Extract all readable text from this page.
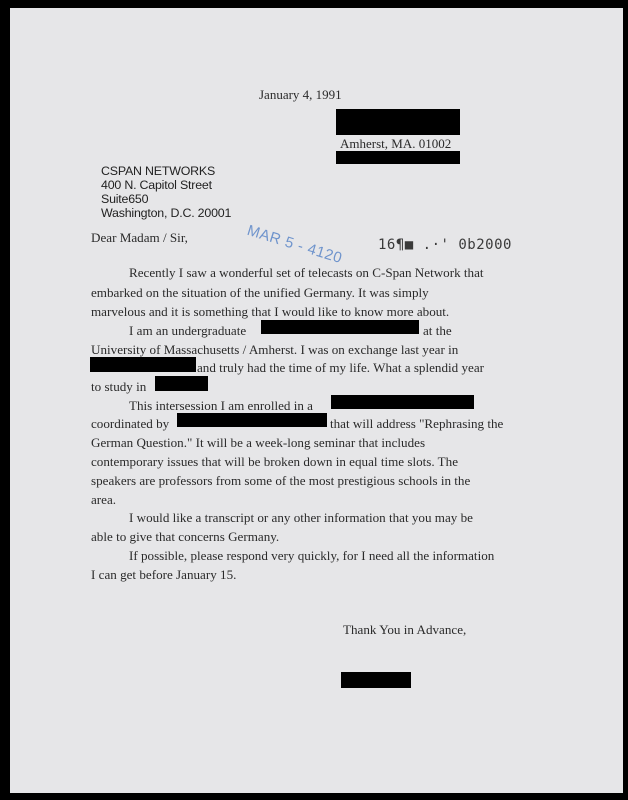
January 4, 1991
Amherst, MA. 01002
CSPAN NETWORKS
400 N. Capitol Street
Suite650
Washington, D.C. 20001
MAR 5 - 4120 16¶■ .·' 0b2000
Dear Madam / Sir,
Recently I saw a wonderful set of telecasts on C-Span Network that
embarked on the situation of the unified Germany. It was simply
marvelous and it is something that I would like to know more about.
I am an undergraduate	at the
University of Massachusetts / Amherst. I was on exchange last year in
and truly had the time of my life. What a splendid year
to study in
This intersession I am enrolled in a
coordinated by	that will address "Rephrasing the
German Question." It will be a week-long seminar that includes
contemporary issues that will be broken down in equal time slots. The
speakers are professors from some of the most prestigious schools in the
area.
I would like a transcript or any other information that you may be
able to give that concerns Germany.
If possible, please respond very quickly, for I need all the information
I can get before January 15.
Thank You in Advance,
